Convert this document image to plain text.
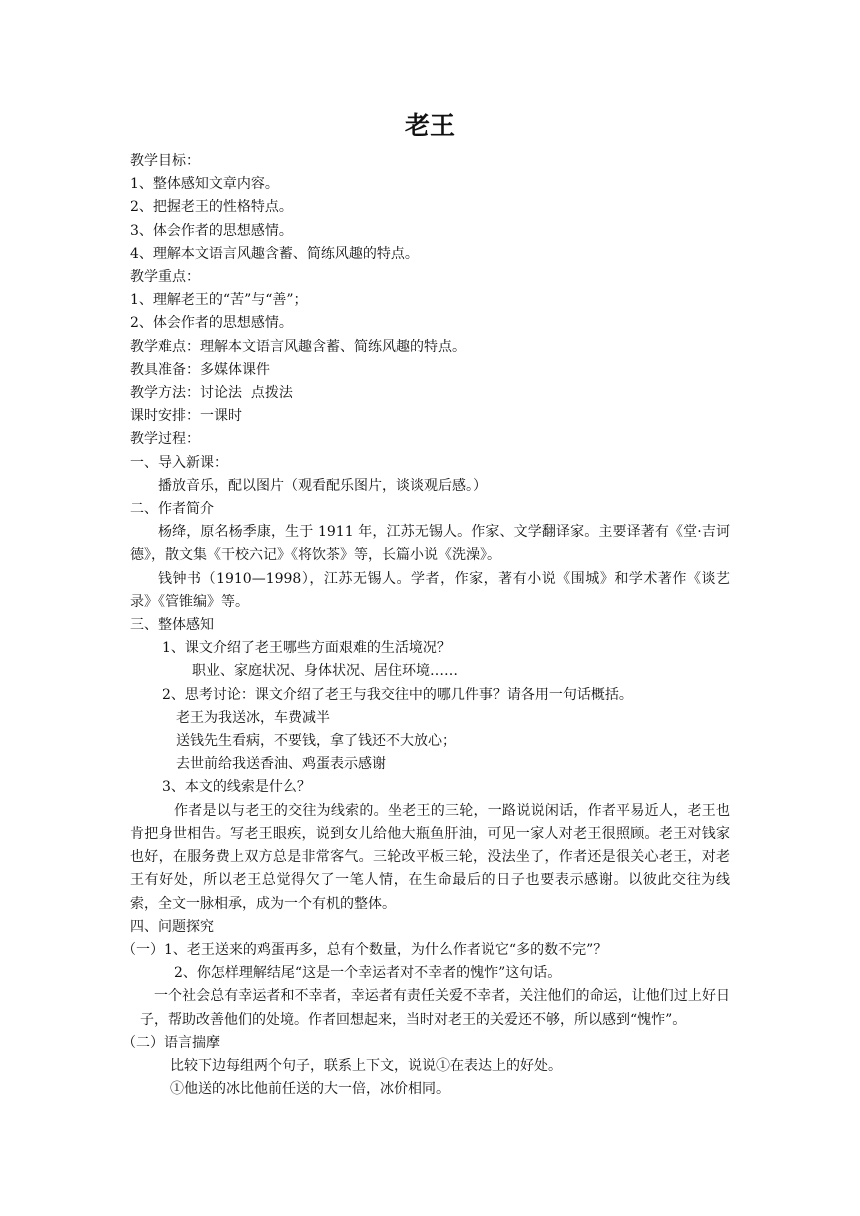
老王

教学目标：

1、整体感知文章内容。

2、把握老王的性格特点。

3、体会作者的思想感情。

4、理解本文语言风趣含蓄、简练风趣的特点。

教学重点：

1、理解老王的“苦”与“善”；

2、体会作者的思想感情。

教学难点：理解本文语言风趣含蓄、简练风趣的特点。

教具准备：多媒体课件

教学方法：讨论法  点拨法

课时安排：一课时

教学过程：

一、导入新课：

播放音乐，配以图片（观看配乐图片，谈谈观后感。）

二、作者简介

杨绛，原名杨季康，生于 1911 年，江苏无锡人。作家、文学翻译家。主要译著有《堂·吉诃德》，散文集《干校六记》《将饮茶》等，长篇小说《洗澡》。

钱钟书（1910—1998），江苏无锡人。学者，作家，著有小说《围城》和学术著作《谈艺录》《管锥编》等。

三、整体感知

1、课文介绍了老王哪些方面艰难的生活境况？

职业、家庭状况、身体状况、居住环境……

2、思考讨论：课文介绍了老王与我交往中的哪几件事？请各用一句话概括。

老王为我送冰，车费减半

送钱先生看病，不要钱，拿了钱还不大放心；

去世前给我送香油、鸡蛋表示感谢

3、本文的线索是什么？

作者是以与老王的交往为线索的。坐老王的三轮，一路说说闲话，作者平易近人，老王也肯把身世相告。写老王眼疾，说到女儿给他大瓶鱼肝油，可见一家人对老王很照顾。老王对钱家也好，在服务费上双方总是非常客气。三轮改平板三轮，没法坐了，作者还是很关心老王，对老王有好处，所以老王总觉得欠了一笔人情，在生命最后的日子也要表示感谢。以彼此交往为线索，全文一脉相承，成为一个有机的整体。

四、问题探究

（一）1、老王送来的鸡蛋再多，总有个数量，为什么作者说它“多的数不完”？

2、你怎样理解结尾“这是一个幸运者对不幸者的愧怍”这句话。

一个社会总有幸运者和不幸者，幸运者有责任关爱不幸者，关注他们的命运，让他们过上好日子，帮助改善他们的处境。作者回想起来，当时对老王的关爱还不够，所以感到“愧怍”。

（二）语言揣摩

比较下边每组两个句子，联系上下文，说说①在表达上的好处。

①他送的冰比他前任送的大一倍，冰价相同。
